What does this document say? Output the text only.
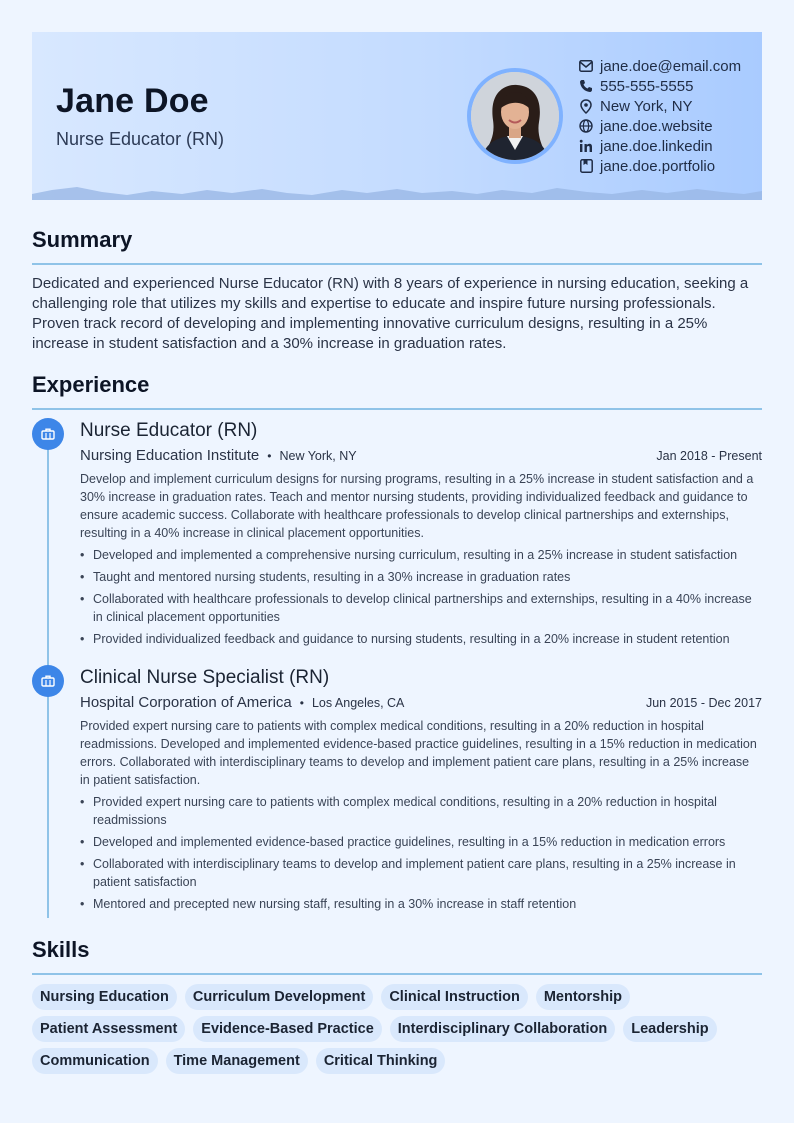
Jane Doe
Nurse Educator (RN)
jane.doe@email.com
555-555-5555
New York, NY
jane.doe.website
jane.doe.linkedin
jane.doe.portfolio
Summary
Dedicated and experienced Nurse Educator (RN) with 8 years of experience in nursing education, seeking a challenging role that utilizes my skills and expertise to educate and inspire future nursing professionals. Proven track record of developing and implementing innovative curriculum designs, resulting in a 25% increase in student satisfaction and a 30% increase in graduation rates.
Experience
Nurse Educator (RN)
Nursing Education Institute • New York, NY	Jan 2018 - Present
Develop and implement curriculum designs for nursing programs, resulting in a 25% increase in student satisfaction and a 30% increase in graduation rates. Teach and mentor nursing students, providing individualized feedback and guidance to ensure academic success. Collaborate with healthcare professionals to develop clinical partnerships and externships, resulting in a 40% increase in clinical placement opportunities.
• Developed and implemented a comprehensive nursing curriculum, resulting in a 25% increase in student satisfaction
• Taught and mentored nursing students, resulting in a 30% increase in graduation rates
• Collaborated with healthcare professionals to develop clinical partnerships and externships, resulting in a 40% increase in clinical placement opportunities
• Provided individualized feedback and guidance to nursing students, resulting in a 20% increase in student retention
Clinical Nurse Specialist (RN)
Hospital Corporation of America • Los Angeles, CA	Jun 2015 - Dec 2017
Provided expert nursing care to patients with complex medical conditions, resulting in a 20% reduction in hospital readmissions. Developed and implemented evidence-based practice guidelines, resulting in a 15% reduction in medication errors. Collaborated with interdisciplinary teams to develop and implement patient care plans, resulting in a 25% increase in patient satisfaction.
• Provided expert nursing care to patients with complex medical conditions, resulting in a 20% reduction in hospital readmissions
• Developed and implemented evidence-based practice guidelines, resulting in a 15% reduction in medication errors
• Collaborated with interdisciplinary teams to develop and implement patient care plans, resulting in a 25% increase in patient satisfaction
• Mentored and precepted new nursing staff, resulting in a 30% increase in staff retention
Skills
Nursing Education	Curriculum Development	Clinical Instruction	Mentorship
Patient Assessment	Evidence-Based Practice	Interdisciplinary Collaboration	Leadership
Communication	Time Management	Critical Thinking
